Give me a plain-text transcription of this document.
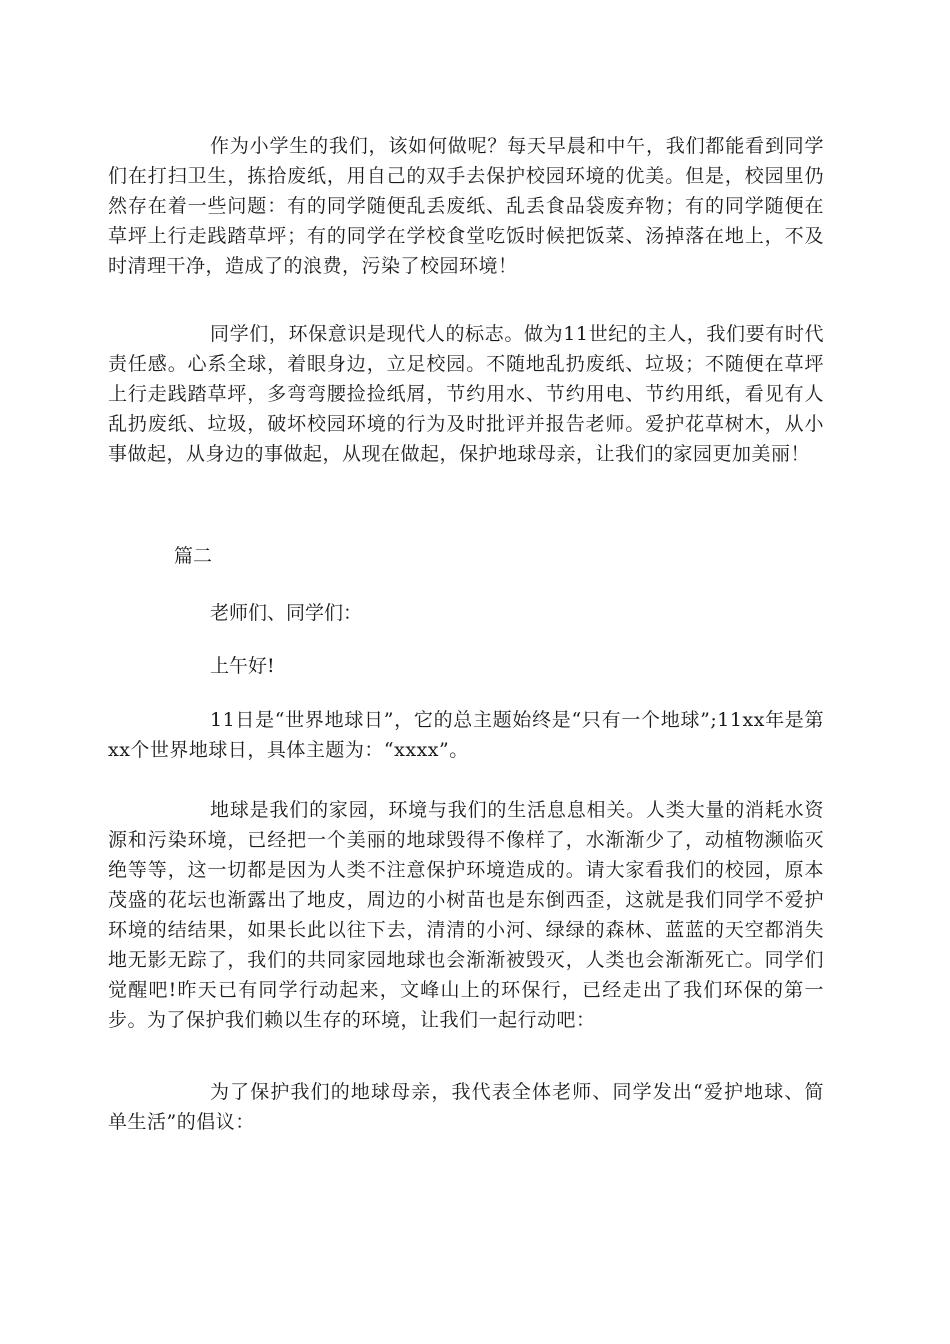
作为小学生的我们，该如何做呢？每天早晨和中午，我们都能看到同学们在打扫卫生，拣拾废纸，用自己的双手去保护校园环境的优美。但是，校园里仍然存在着一些问题：有的同学随便乱丢废纸、乱丢食品袋废弃物；有的同学随便在草坪上行走践踏草坪；有的同学在学校食堂吃饭时候把饭菜、汤掉落在地上，不及时清理干净，造成了的浪费，污染了校园环境！

同学们，环保意识是现代人的标志。做为11世纪的主人，我们要有时代责任感。心系全球，着眼身边，立足校园。不随地乱扔废纸、垃圾；不随便在草坪上行走践踏草坪，多弯弯腰捡捡纸屑，节约用水、节约用电、节约用纸，看见有人乱扔废纸、垃圾，破坏校园环境的行为及时批评并报告老师。爱护花草树木，从小事做起，从身边的事做起，从现在做起，保护地球母亲，让我们的家园更加美丽！

篇二

老师们、同学们：

上午好!

11日是“世界地球日”，它的总主题始终是“只有一个地球”;11xx年是第xx个世界地球日，具体主题为：“xxxx”。

地球是我们的家园，环境与我们的生活息息相关。人类大量的消耗水资源和污染环境，已经把一个美丽的地球毁得不像样了，水渐渐少了，动植物濒临灭绝等等，这一切都是因为人类不注意保护环境造成的。请大家看我们的校园，原本茂盛的花坛也渐露出了地皮，周边的小树苗也是东倒西歪，这就是我们同学不爱护环境的结结果，如果长此以往下去，清清的小河、绿绿的森林、蓝蓝的天空都消失地无影无踪了，我们的共同家园地球也会渐渐被毁灭，人类也会渐渐死亡。同学们觉醒吧!昨天已有同学行动起来，文峰山上的环保行，已经走出了我们环保的第一步。为了保护我们赖以生存的环境，让我们一起行动吧：

为了保护我们的地球母亲，我代表全体老师、同学发出“爱护地球、简单生活”的倡议：
